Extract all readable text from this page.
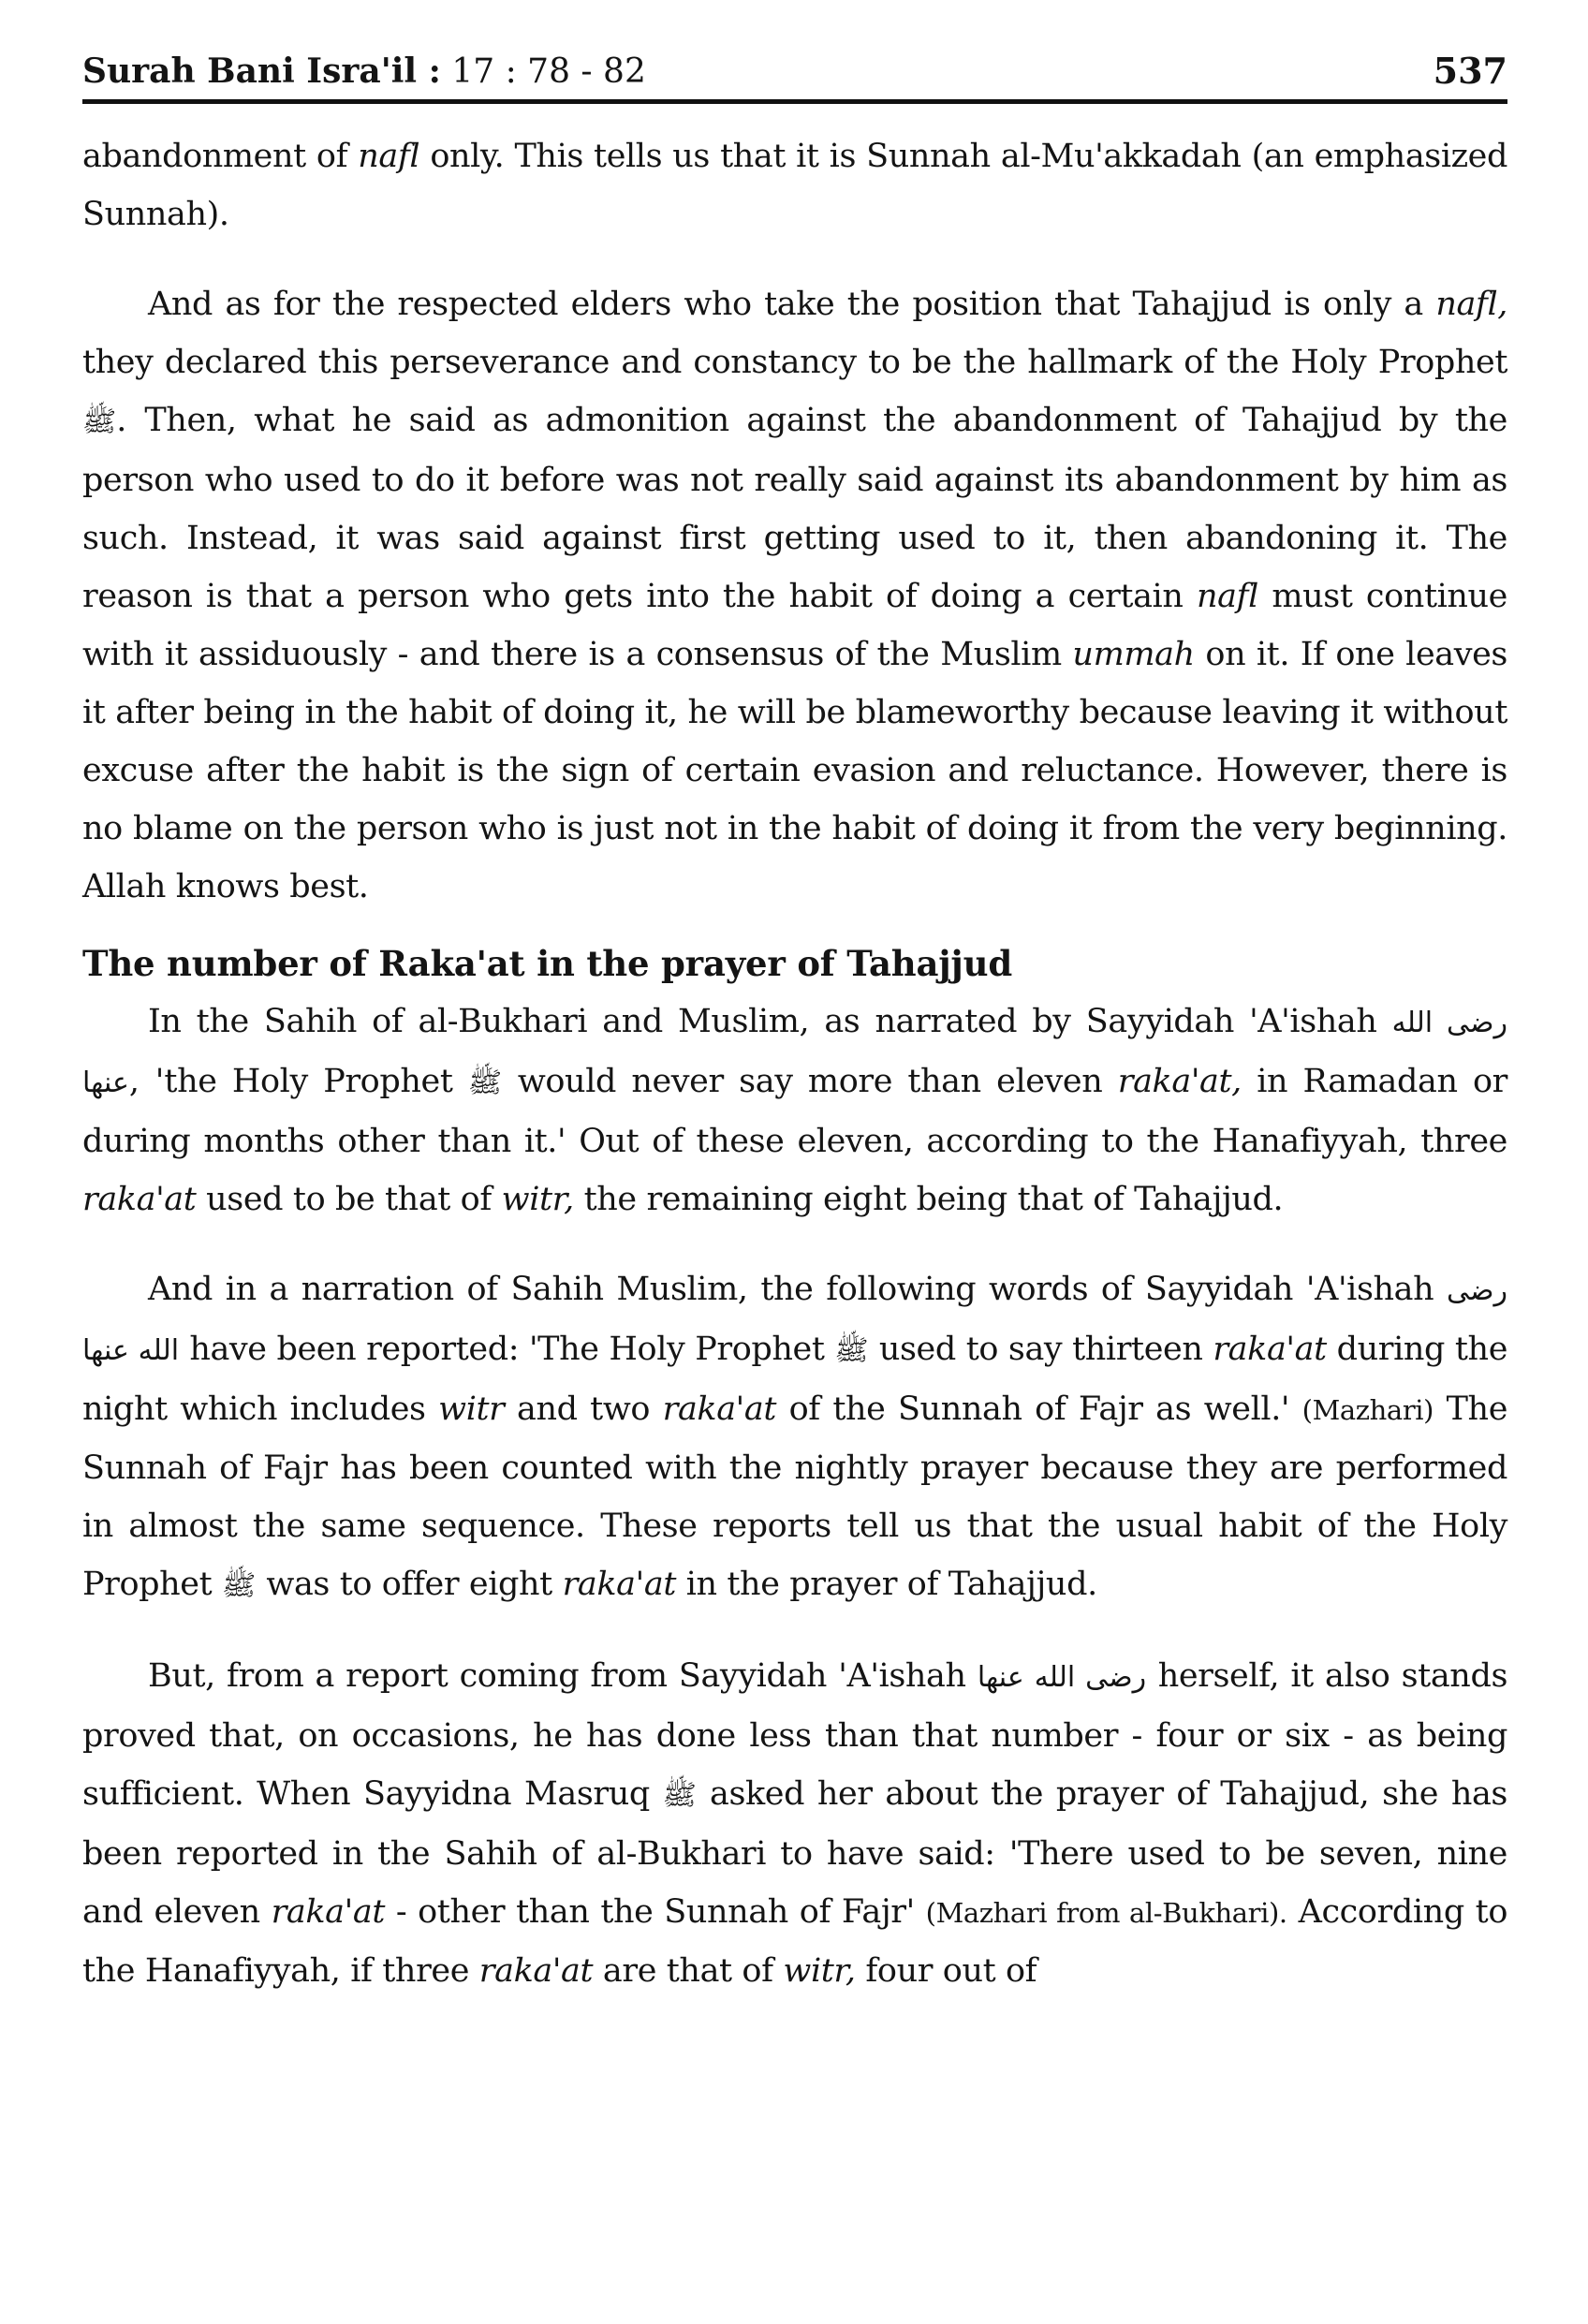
Surah Bani Isra'il : 17 : 78 - 82	537

abandonment of nafl only. This tells us that it is Sunnah al-Mu'akkadah (an emphasized Sunnah).

And as for the respected elders who take the position that Tahajjud is only a nafl, they declared this perseverance and constancy to be the hallmark of the Holy Prophet ﷺ. Then, what he said as admonition against the abandonment of Tahajjud by the person who used to do it before was not really said against its abandonment by him as such. Instead, it was said against first getting used to it, then abandoning it. The reason is that a person who gets into the habit of doing a certain nafl must continue with it assiduously - and there is a consensus of the Muslim ummah on it. If one leaves it after being in the habit of doing it, he will be blameworthy because leaving it without excuse after the habit is the sign of certain evasion and reluctance. However, there is no blame on the person who is just not in the habit of doing it from the very beginning. Allah knows best.

The number of Raka'at in the prayer of Tahajjud

In the Sahih of al-Bukhari and Muslim, as narrated by Sayyidah 'A'ishah رضى الله عنها, 'the Holy Prophet ﷺ would never say more than eleven raka'at, in Ramadan or during months other than it.' Out of these eleven, according to the Hanafiyyah, three raka'at used to be that of witr, the remaining eight being that of Tahajjud.

And in a narration of Sahih Muslim, the following words of Sayyidah 'A'ishah رضى الله عنها have been reported: 'The Holy Prophet ﷺ used to say thirteen raka'at during the night which includes witr and two raka'at of the Sunnah of Fajr as well.' (Mazhari) The Sunnah of Fajr has been counted with the nightly prayer because they are performed in almost the same sequence. These reports tell us that the usual habit of the Holy Prophet ﷺ was to offer eight raka'at in the prayer of Tahajjud.

But, from a report coming from Sayyidah 'A'ishah رضى الله عنها herself, it also stands proved that, on occasions, he has done less than that number - four or six - as being sufficient. When Sayyidna Masruq ﷺ asked her about the prayer of Tahajjud, she has been reported in the Sahih of al-Bukhari to have said: 'There used to be seven, nine and eleven raka'at - other than the Sunnah of Fajr' (Mazhari from al-Bukhari). According to the Hanafiyyah, if three raka'at are that of witr, four out of
